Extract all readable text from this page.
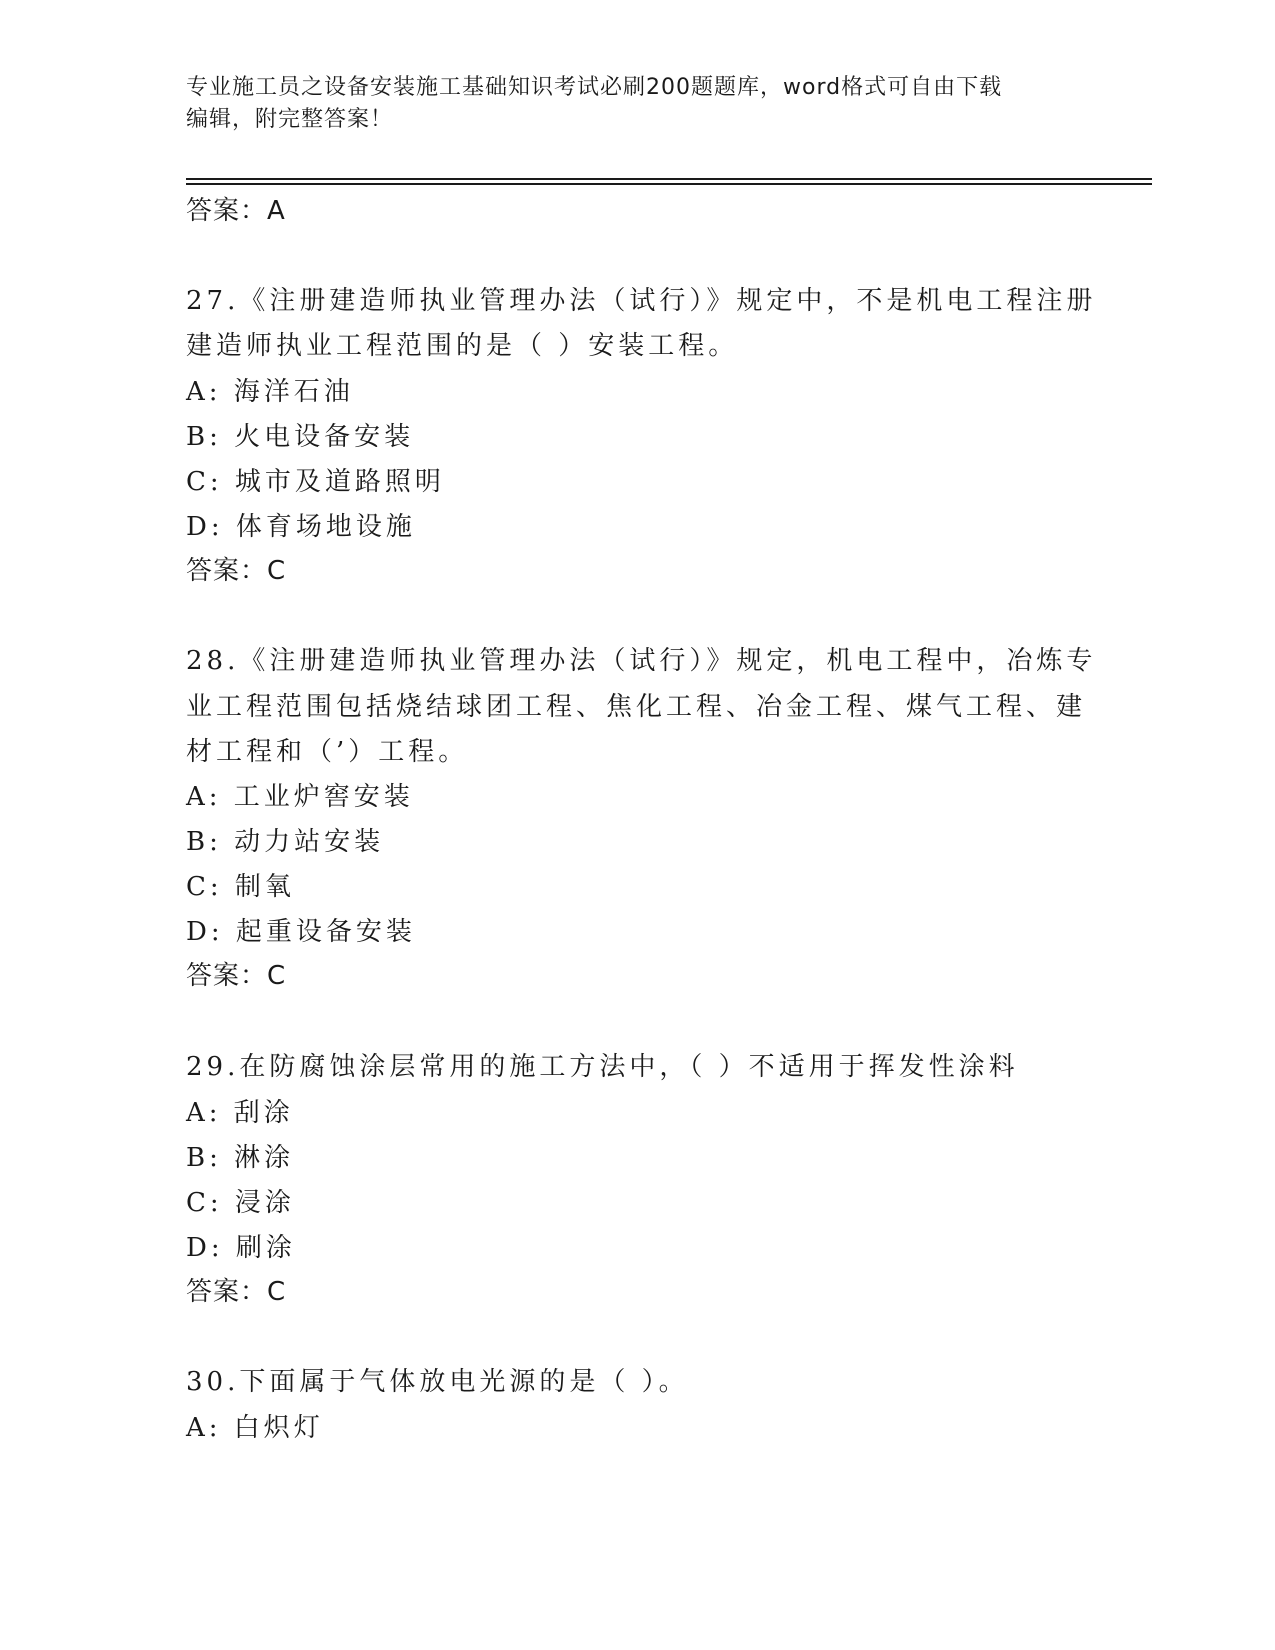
专业施工员之设备安装施工基础知识考试必刷200题题库，word格式可自由下载
编辑，附完整答案！
答案：A
27.《注册建造师执业管理办法（试行）》规定中，不是机电工程注册
建造师执业工程范围的是（ ）安装工程。
A: 海洋石油
B: 火电设备安装
C: 城市及道路照明
D: 体育场地设施
答案：C
28.《注册建造师执业管理办法（试行）》规定，机电工程中，冶炼专
业工程范围包括烧结球团工程、焦化工程、冶金工程、煤气工程、建
材工程和（’）工程。
A: 工业炉窖安装
B: 动力站安装
C: 制氧
D: 起重设备安装
答案：C
29.在防腐蚀涂层常用的施工方法中，（ ）不适用于挥发性涂料
A: 刮涂
B: 淋涂
C: 浸涂
D: 刷涂
答案：C
30.下面属于气体放电光源的是（ ）。
A: 白炽灯
